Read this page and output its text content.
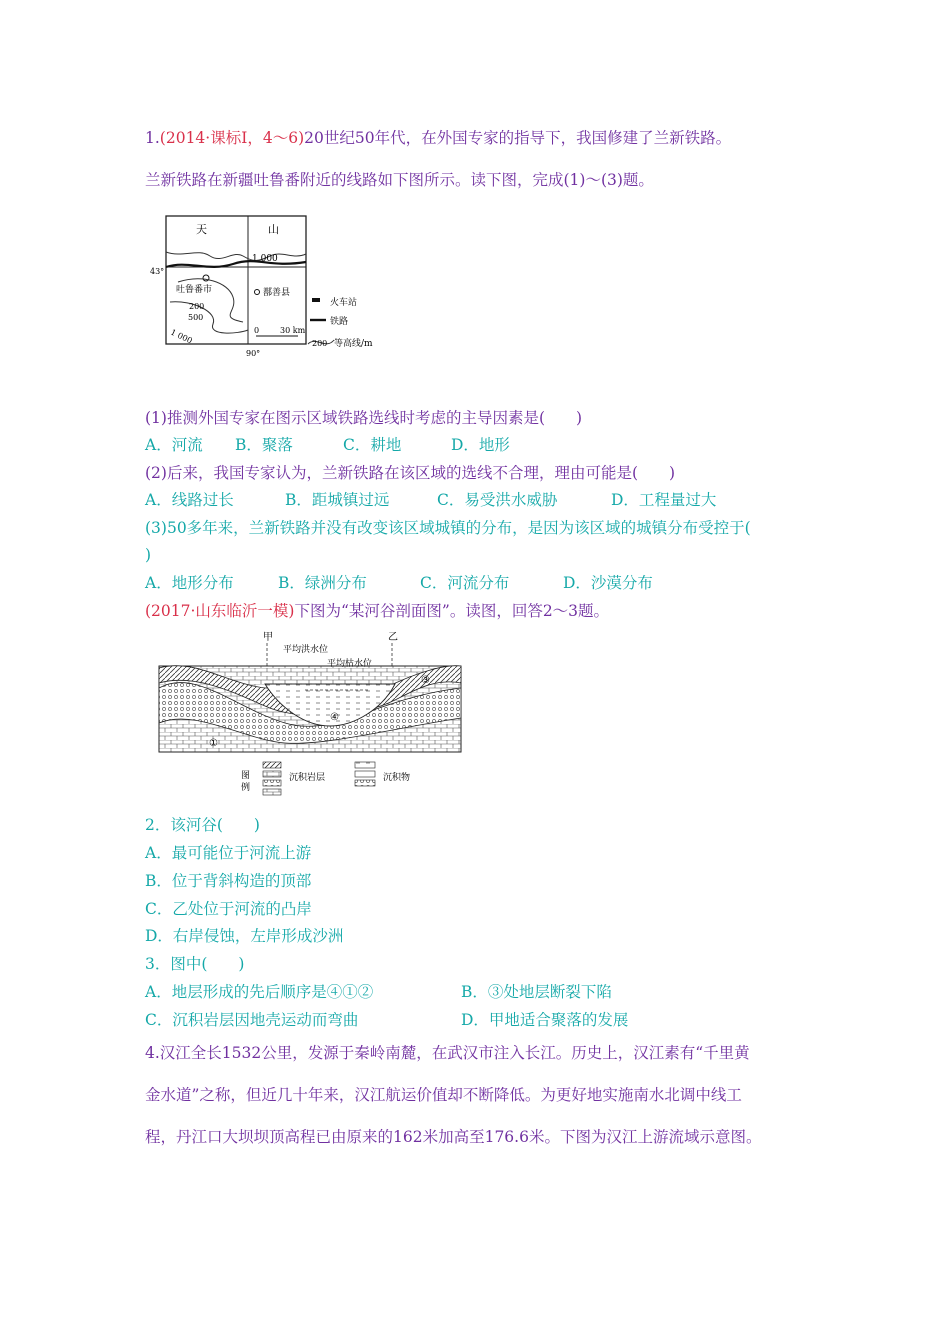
1.(2014·课标Ⅰ，4～6)20世纪50年代，在外国专家的指导下，我国修建了兰新铁路。
兰新铁路在新疆吐鲁番附近的线路如下图所示。读下图，完成(1)～(3)题。
天	山
1 000
43°
吐鲁番市	鄯善县
200
500
1 000	0	30 km
90°
火车站
铁路
200 等高线/m
(1)推测外国专家在图示区域铁路选线时考虑的主导因素是(　　)
A．河流 B．聚落	C．耕地	D．地形
(2)后来，我国专家认为，兰新铁路在该区域的选线不合理，理由可能是(　　)
A．线路过长	B．距城镇过远	C．易受洪水威胁	D．工程量过大
(3)50多年来，兰新铁路并没有改变该区域城镇的分布，是因为该区域的城镇分布受控于(
)
A．地形分布	B．绿洲分布	C．河流分布	D．沙漠分布
(2017·山东临沂一模)下图为“某河谷剖面图”。读图，回答2～3题。
甲	乙
平均洪水位
平均枯水位
④
①
③
图
例
沉积岩层	沉积物
2．该河谷(　　)
A．最可能位于河流上游
B．位于背斜构造的顶部
C．乙处位于河流的凸岸
D．右岸侵蚀，左岸形成沙洲
3．图中(　　)
A．地层形成的先后顺序是④①②	B．③处地层断裂下陷
C．沉积岩层因地壳运动而弯曲	D．甲地适合聚落的发展
4.汉江全长1532公里，发源于秦岭南麓，在武汉市注入长江。历史上，汉江素有“千里黄
金水道”之称，但近几十年来，汉江航运价值却不断降低。为更好地实施南水北调中线工
程，丹江口大坝坝顶高程已由原来的162米加高至176.6米。下图为汉江上游流域示意图。
